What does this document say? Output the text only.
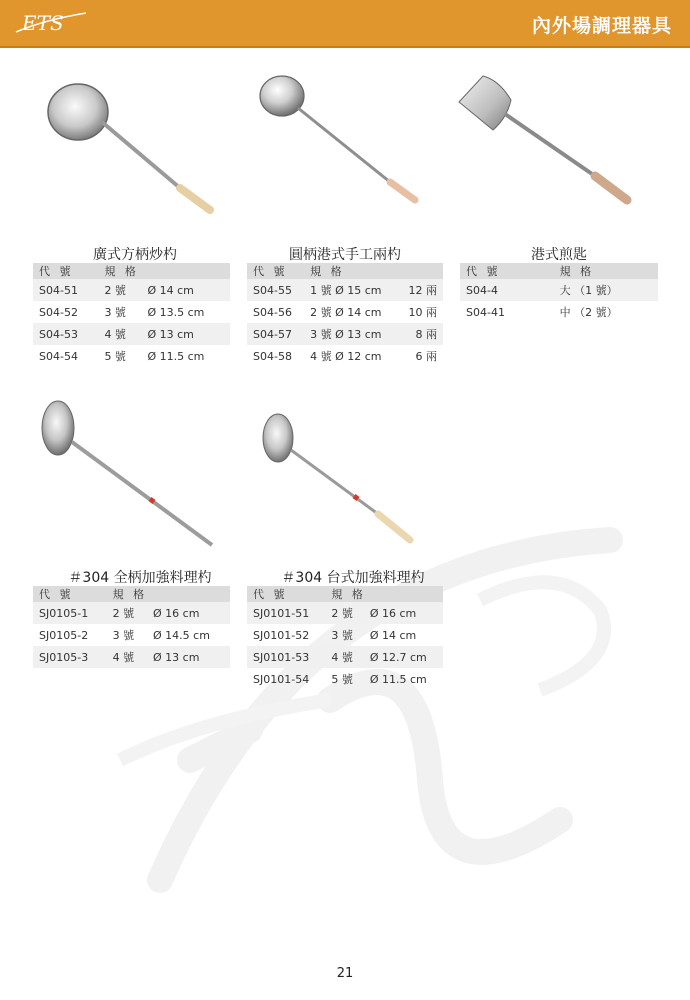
ETS	內外場調理器具
廣式方柄炒杓
代 號	規 格	
S04-51	2 號	Ø 14 cm
S04-52	3 號	Ø 13.5 cm
S04-53	4 號	Ø 13 cm
S04-54	5 號	Ø 11.5 cm
圓柄港式手工兩杓
代 號	規 格	
S04-55	1 號 Ø 15 cm	12 兩
S04-56	2 號 Ø 14 cm	10 兩
S04-57	3 號 Ø 13 cm	8 兩
S04-58	4 號 Ø 12 cm	6 兩
港式煎匙
代 號	規 格
S04-4	大 （1 號）
S04-41	中 （2 號）
＃304 全柄加強料理杓
代 號	規 格	
SJ0105-1	2 號	Ø 16 cm
SJ0105-2	3 號	Ø 14.5 cm
SJ0105-3	4 號	Ø 13 cm
＃304 台式加強料理杓
代 號	規 格	
SJ0101-51	2 號	Ø 16 cm
SJ0101-52	3 號	Ø 14 cm
SJ0101-53	4 號	Ø 12.7 cm
SJ0101-54	5 號	Ø 11.5 cm
21
